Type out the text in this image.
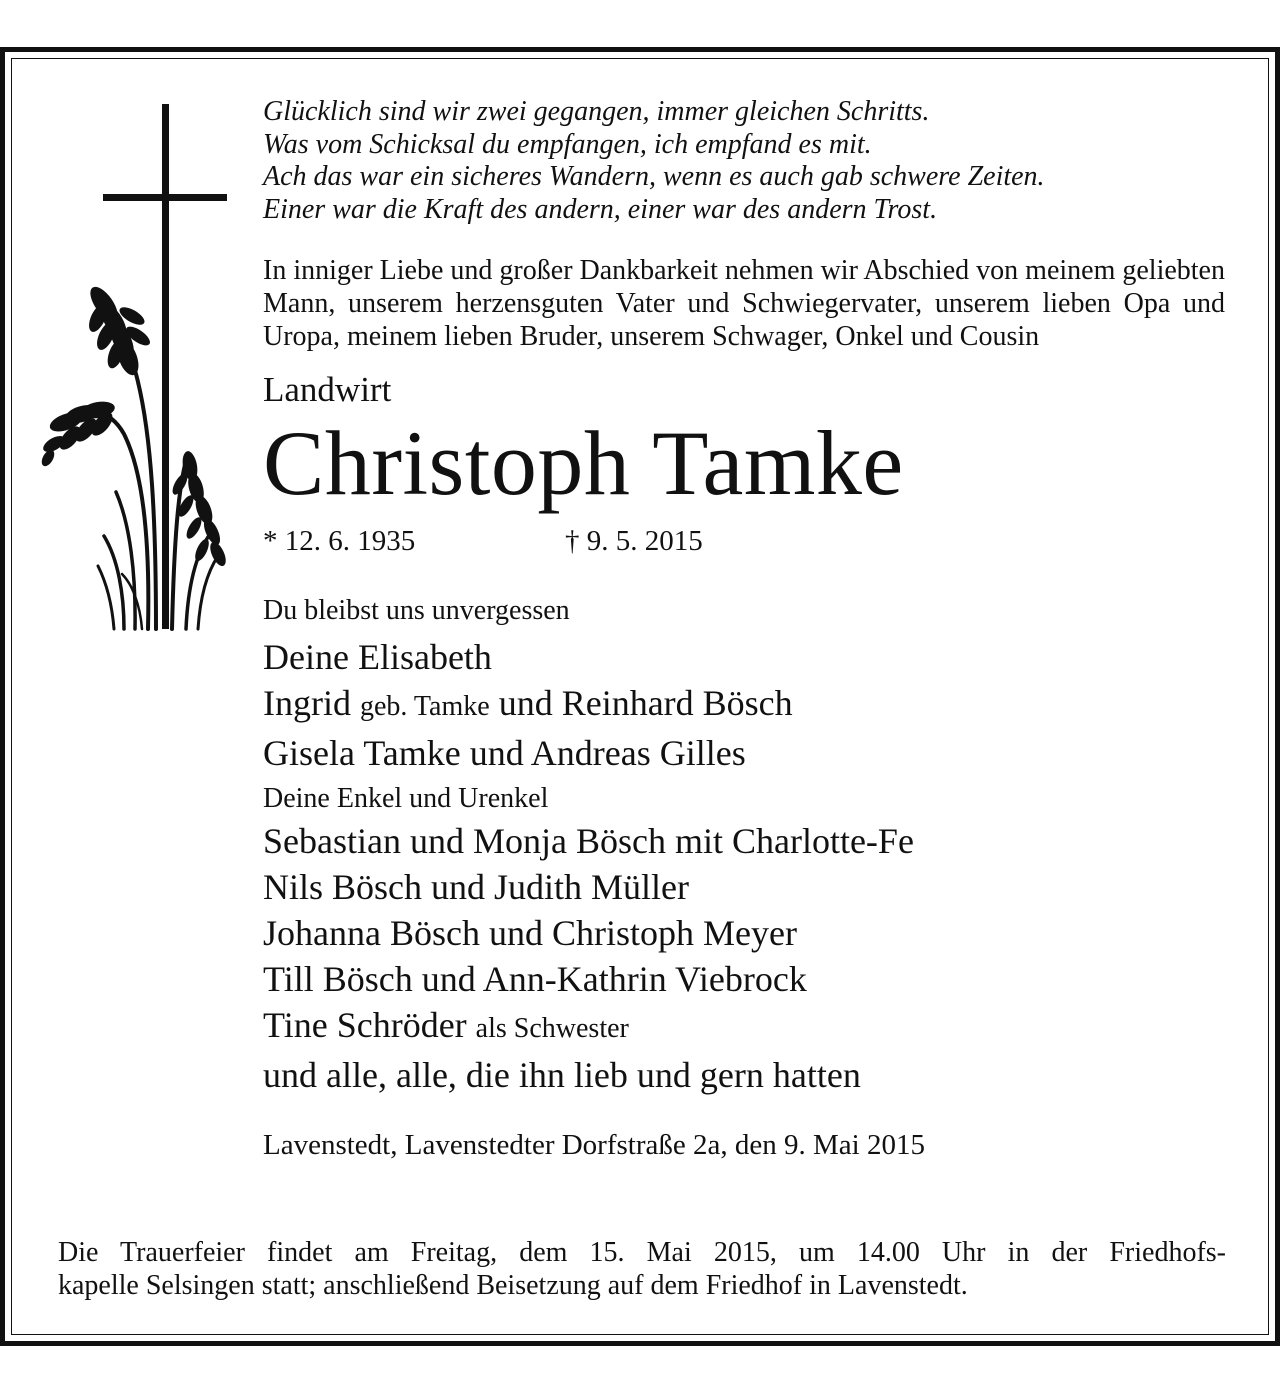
Glücklich sind wir zwei gegangen, immer gleichen Schritts.
Was vom Schicksal du empfangen, ich empfand es mit.
Ach das war ein sicheres Wandern, wenn es auch gab schwere Zeiten.
Einer war die Kraft des andern, einer war des andern Trost.
In inniger Liebe und großer Dankbarkeit nehmen wir Abschied von meinem geliebten Mann, unserem herzensguten Vater und Schwiegervater, unserem lieben Opa und Uropa, meinem lieben Bruder, unserem Schwager, Onkel und Cousin
Landwirt
Christoph Tamke
* 12. 6. 1935	† 9. 5. 2015
Du bleibst uns unvergessen
Deine Elisabeth
Ingrid geb. Tamke und Reinhard Bösch
Gisela Tamke und Andreas Gilles
Deine Enkel und Urenkel
Sebastian und Monja Bösch mit Charlotte-Fe
Nils Bösch und Judith Müller
Johanna Bösch und Christoph Meyer
Till Bösch und Ann-Kathrin Viebrock
Tine Schröder als Schwester
und alle, alle, die ihn lieb und gern hatten
Lavenstedt, Lavenstedter Dorfstraße 2a, den 9. Mai 2015
Die Trauerfeier findet am Freitag, dem 15. Mai 2015, um 14.00 Uhr in der Friedhofs-
kapelle Selsingen statt; anschließend Beisetzung auf dem Friedhof in Lavenstedt.
